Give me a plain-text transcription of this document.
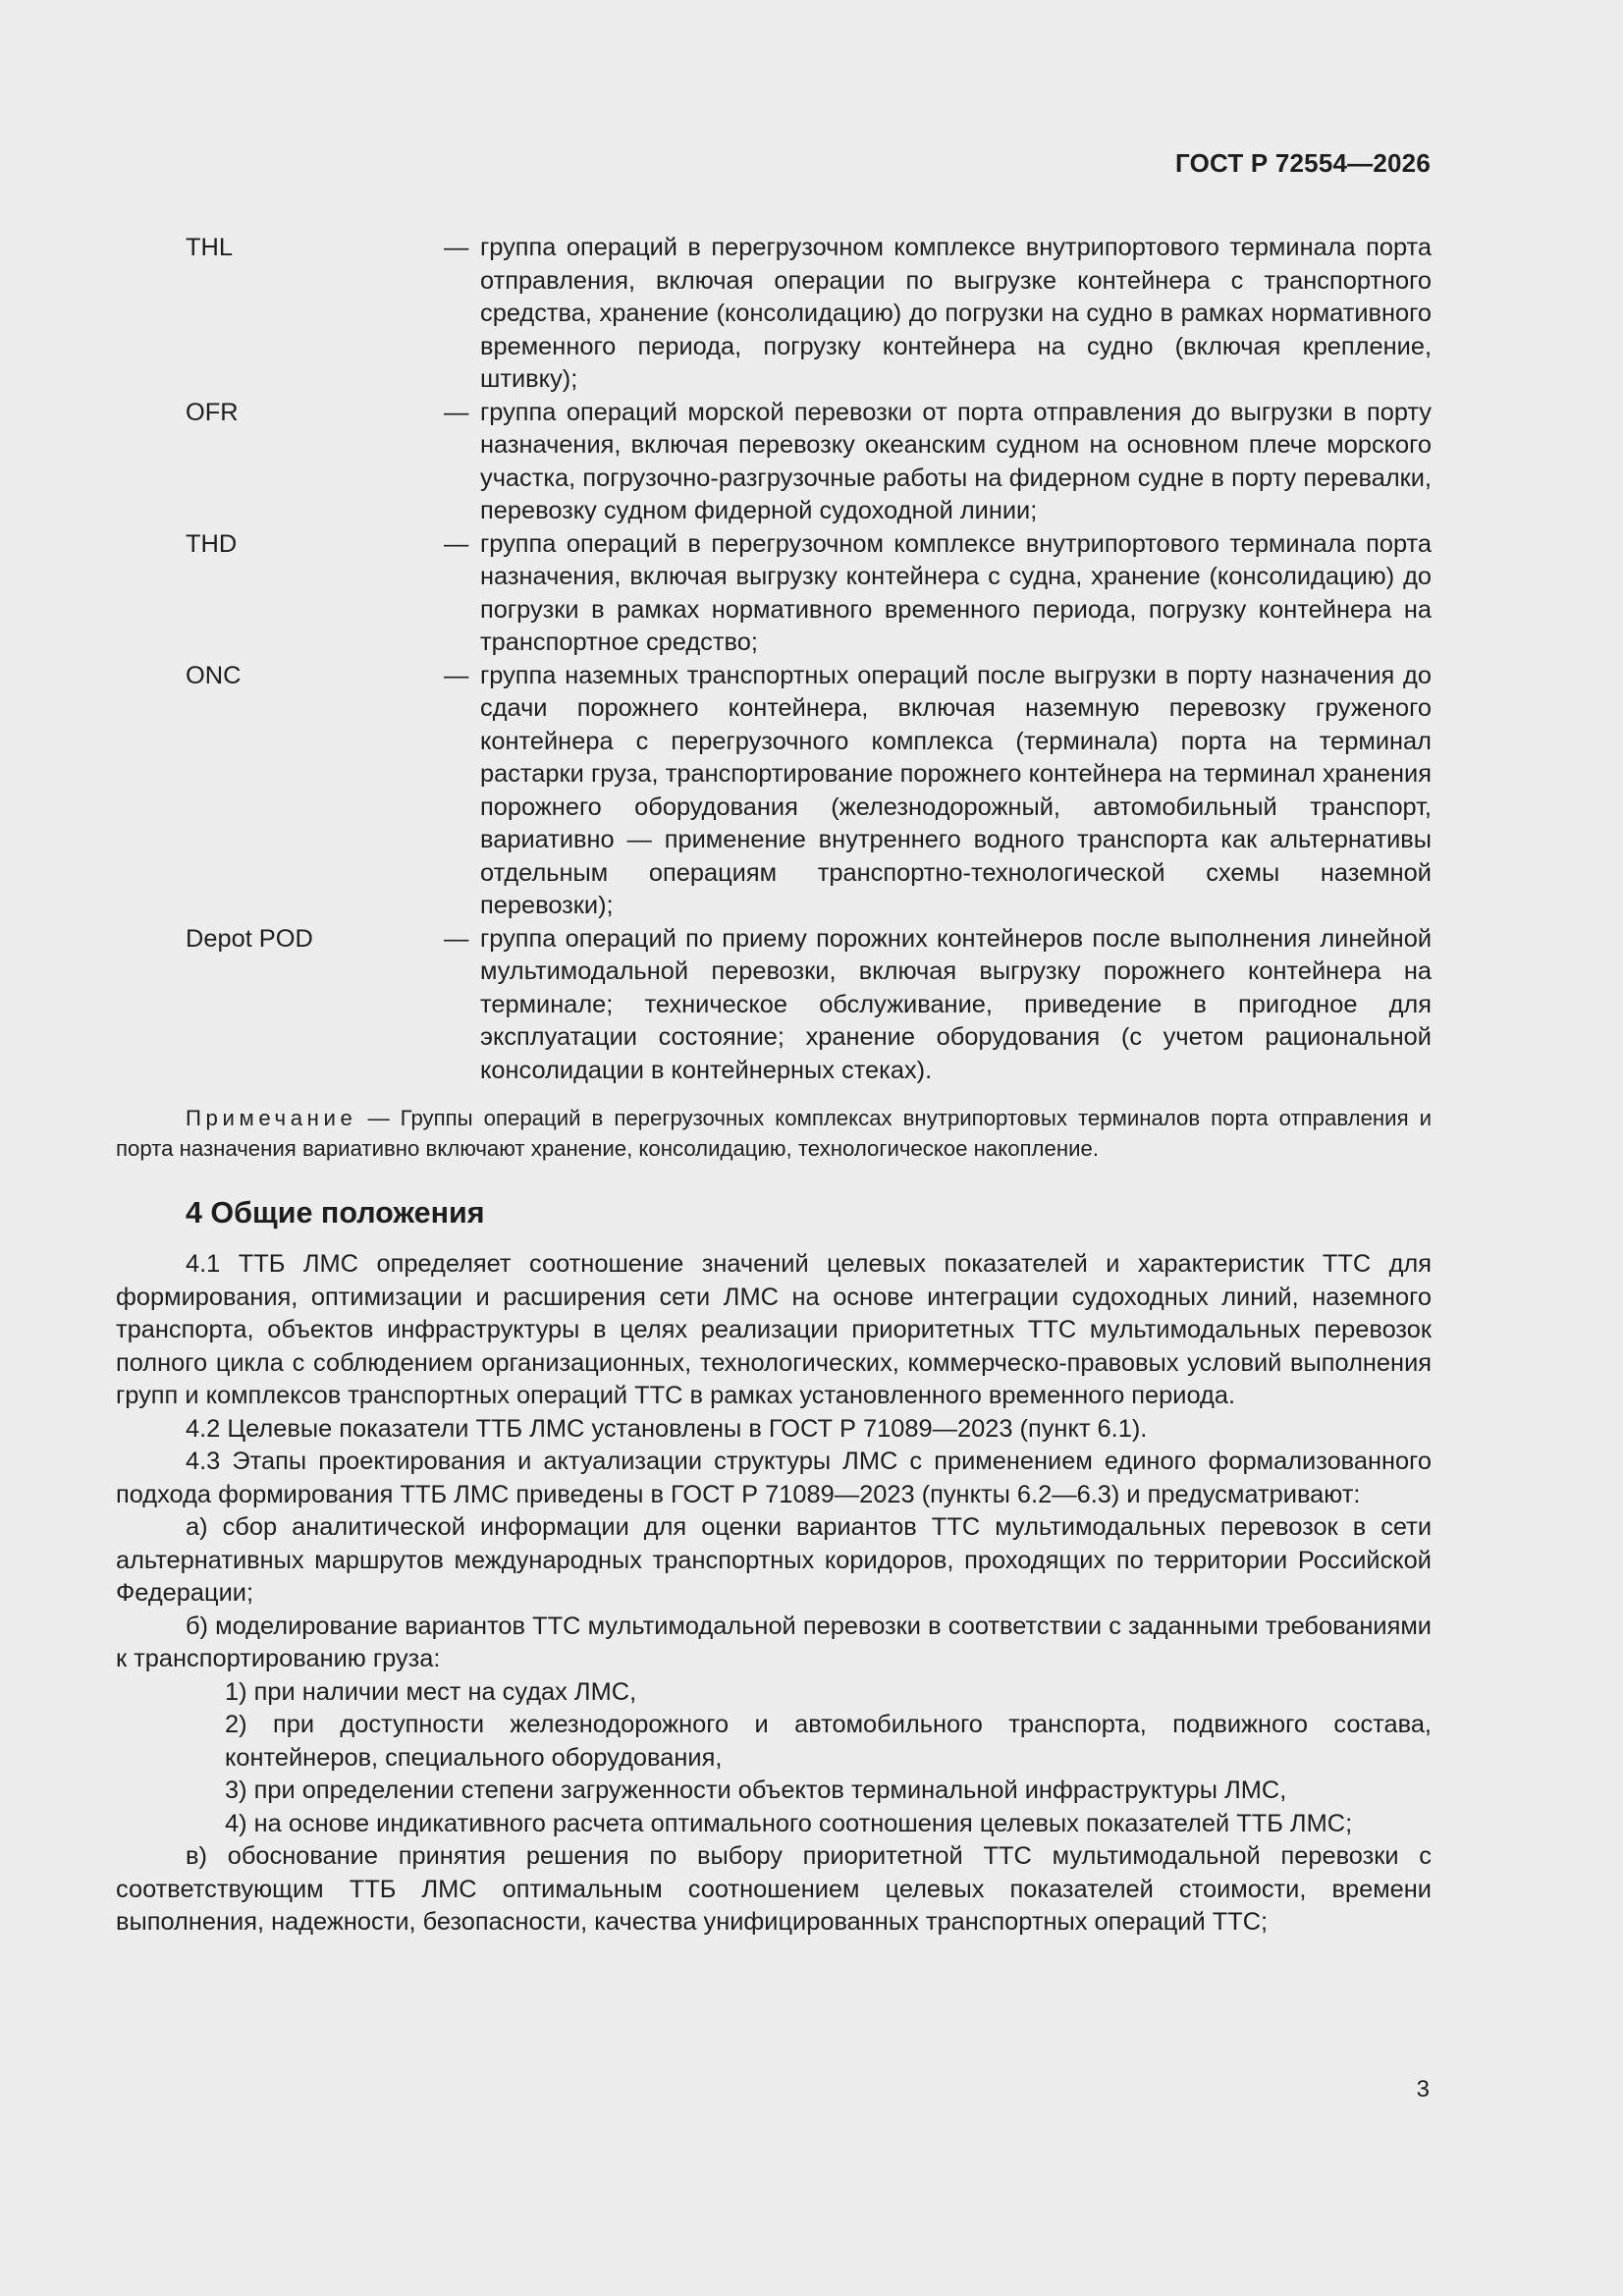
ГОСТ Р 72554—2026
THL	— группа операций в перегрузочном комплексе внутрипортового терминала порта отправления, включая операции по выгрузке контейнера с транспортного средства, хранение (консолидацию) до погрузки на судно в рамках нормативного временного периода, погрузку контейнера на судно (включая крепление, штивку);
OFR	— группа операций морской перевозки от порта отправления до выгрузки в порту назначения, включая перевозку океанским судном на основном плече морского участка, погрузочно-разгрузочные работы на фидерном судне в порту перевалки, перевозку судном фидерной судоходной линии;
THD	— группа операций в перегрузочном комплексе внутрипортового терминала порта назначения, включая выгрузку контейнера с судна, хранение (консолидацию) до погрузки в рамках нормативного временного периода, погрузку контейнера на транспортное средство;
ONC	— группа наземных транспортных операций после выгрузки в порту назначения до сдачи порожнего контейнера, включая наземную перевозку груженого контейнера с перегрузочного комплекса (терминала) порта на терминал растарки груза, транспортирование порожнего контейнера на терминал хранения порожнего оборудования (железнодорожный, автомобильный транспорт, вариативно — применение внутреннего водного транспорта как альтернативы отдельным операциям транспортно-технологической схемы наземной перевозки);
Depot POD	— группа операций по приему порожних контейнеров после выполнения линейной мультимодальной перевозки, включая выгрузку порожнего контейнера на терминале; техническое обслуживание, приведение в пригодное для эксплуатации состояние; хранение оборудования (с учетом рациональной консолидации в контейнерных стеках).
Примечание — Группы операций в перегрузочных комплексах внутрипортовых терминалов порта отправления и порта назначения вариативно включают хранение, консолидацию, технологическое накопление.
4 Общие положения
4.1 ТТБ ЛМС определяет соотношение значений целевых показателей и характеристик ТТС для формирования, оптимизации и расширения сети ЛМС на основе интеграции судоходных линий, наземного транспорта, объектов инфраструктуры в целях реализации приоритетных ТТС мультимодальных перевозок полного цикла с соблюдением организационных, технологических, коммерческо-правовых условий выполнения групп и комплексов транспортных операций ТТС в рамках установленного временного периода.
4.2 Целевые показатели ТТБ ЛМС установлены в ГОСТ Р 71089—2023 (пункт 6.1).
4.3 Этапы проектирования и актуализации структуры ЛМС с применением единого формализованного подхода формирования ТТБ ЛМС приведены в ГОСТ Р 71089—2023 (пункты 6.2—6.3) и предусматривают:
а) сбор аналитической информации для оценки вариантов ТТС мультимодальных перевозок в сети альтернативных маршрутов международных транспортных коридоров, проходящих по территории Российской Федерации;
б) моделирование вариантов ТТС мультимодальной перевозки в соответствии с заданными требованиями к транспортированию груза:
1) при наличии мест на судах ЛМС,
2) при доступности железнодорожного и автомобильного транспорта, подвижного состава, контейнеров, специального оборудования,
3) при определении степени загруженности объектов терминальной инфраструктуры ЛМС,
4) на основе индикативного расчета оптимального соотношения целевых показателей ТТБ ЛМС;
в) обоснование принятия решения по выбору приоритетной ТТС мультимодальной перевозки с соответствующим ТТБ ЛМС оптимальным соотношением целевых показателей стоимости, времени выполнения, надежности, безопасности, качества унифицированных транспортных операций ТТС;
3
